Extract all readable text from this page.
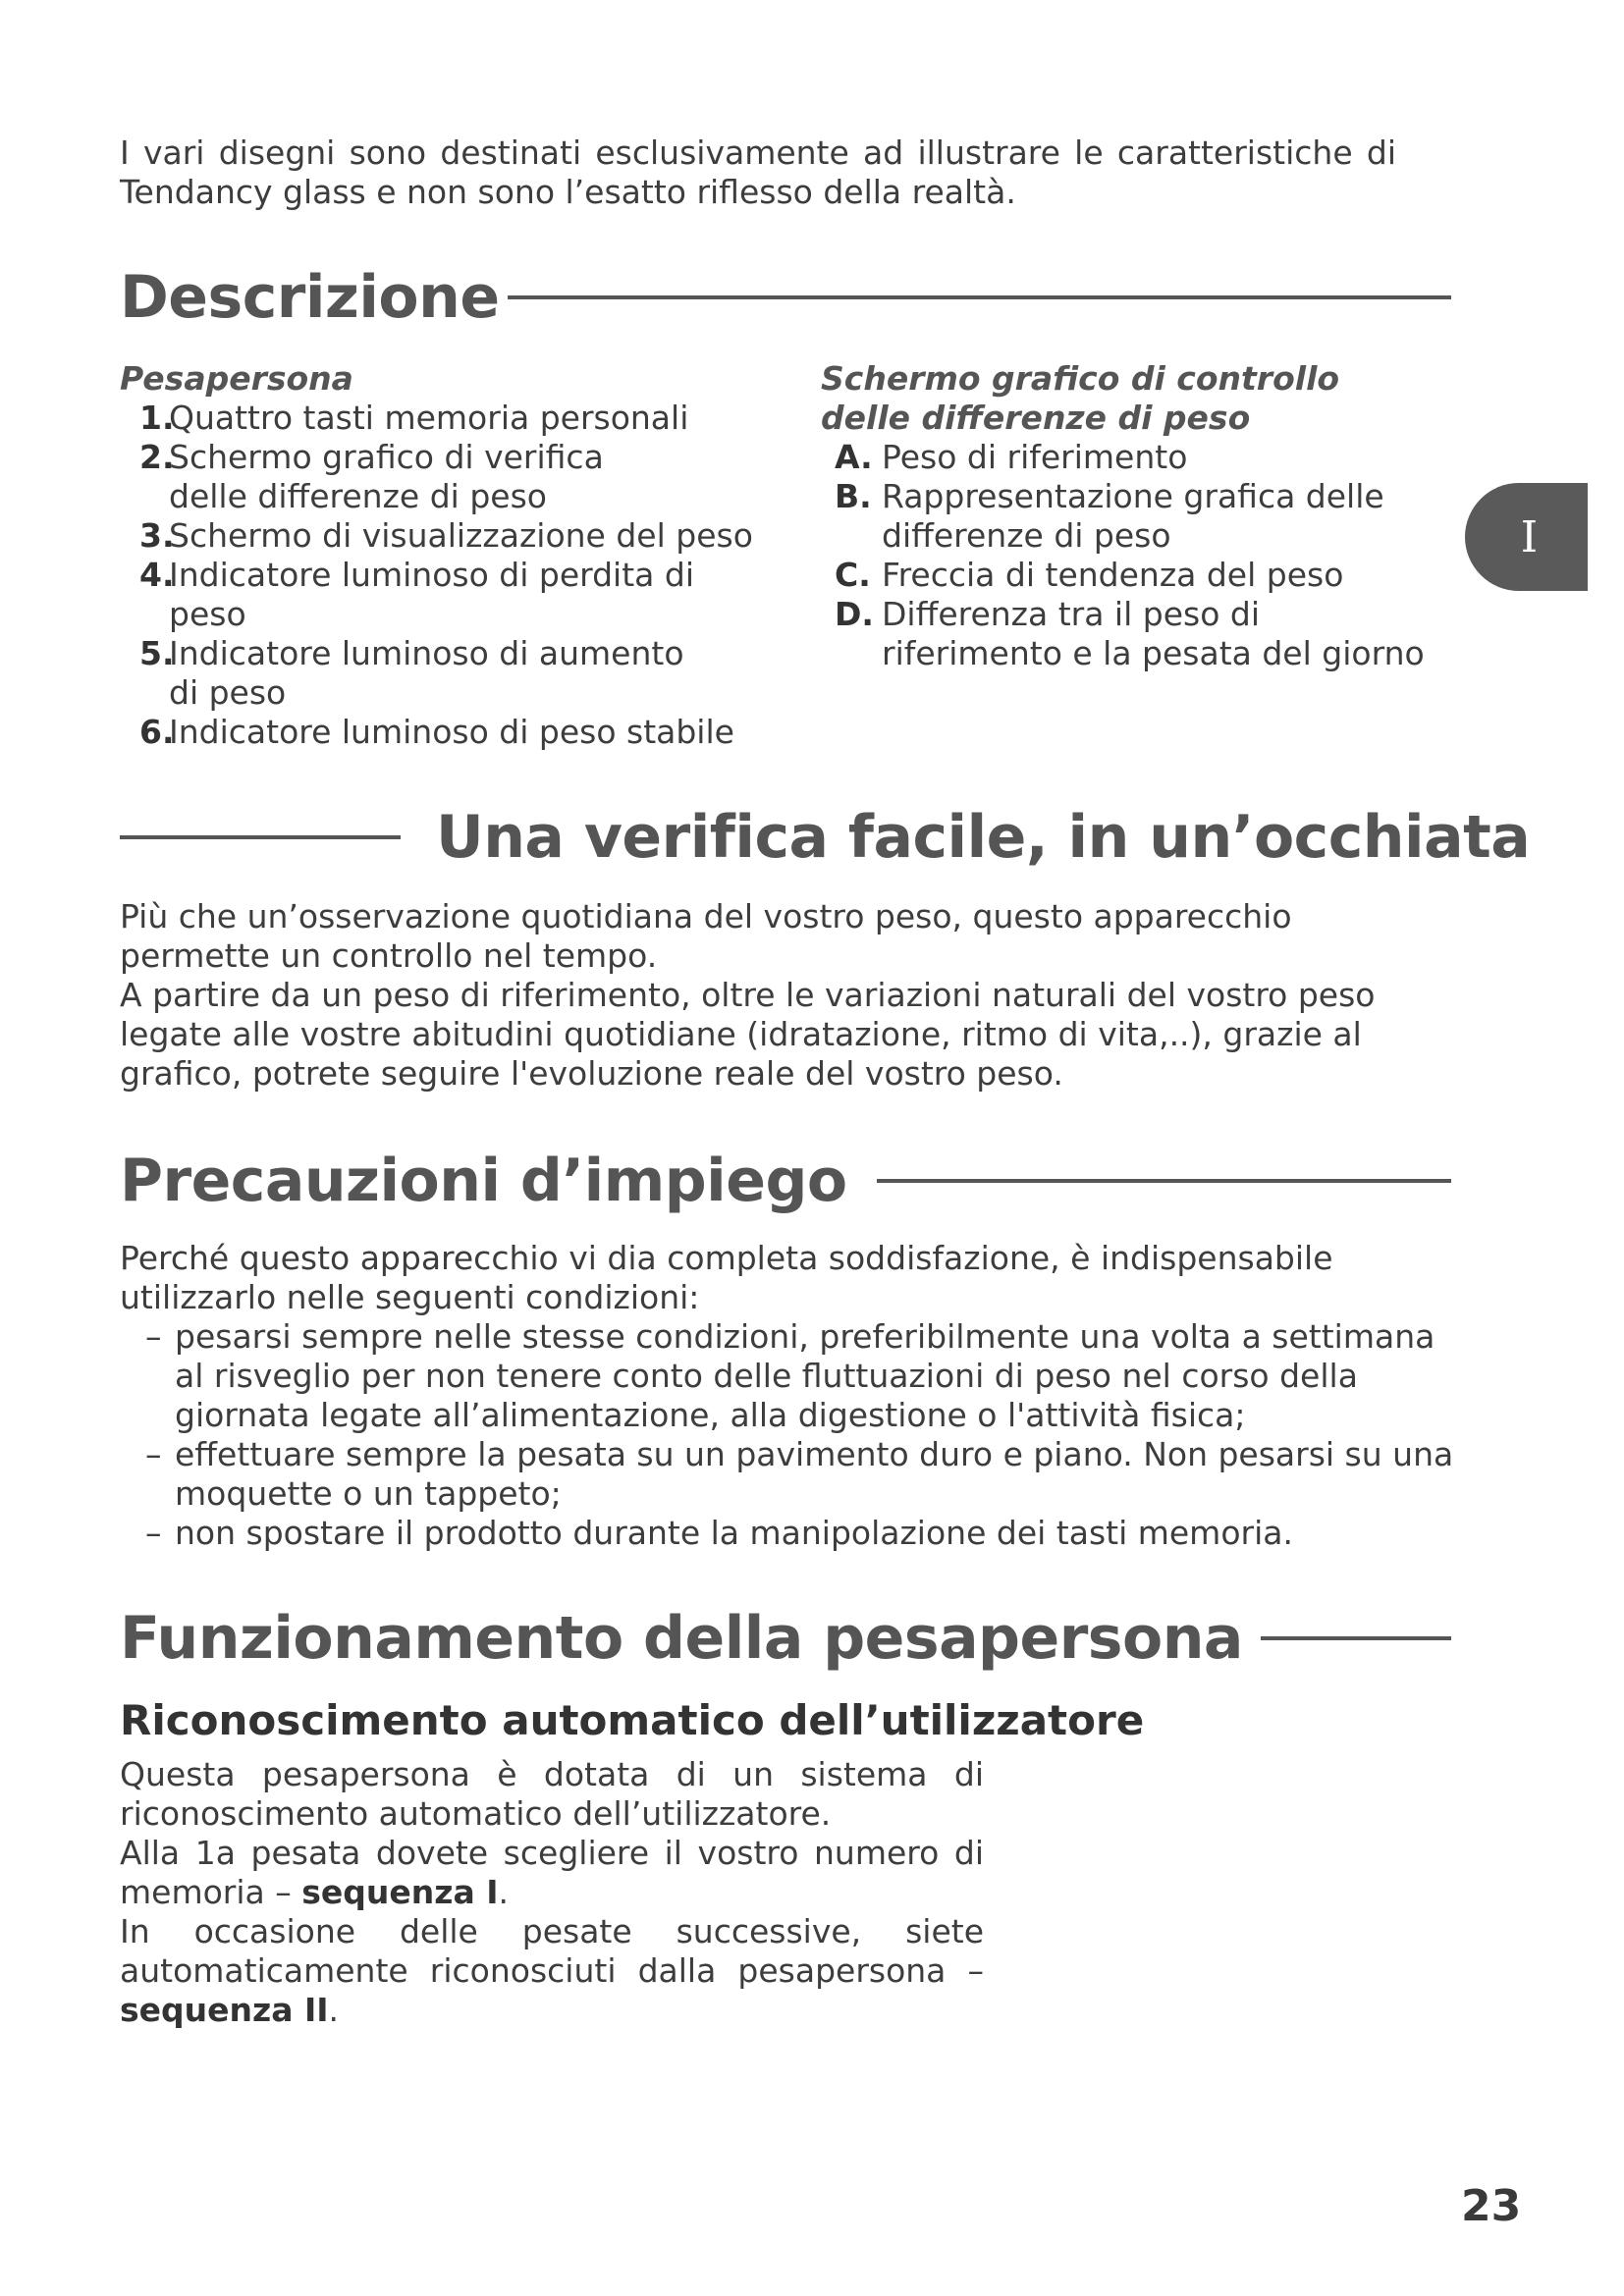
I vari disegni sono destinati esclusivamente ad illustrare le caratteristiche di

Tendancy glass e non sono l’esatto riflesso della realtà.

Descrizione
Pesapersona
1.
Quattro tasti memoria personali
2.
Schermo grafico di verifica delle differenze di peso
3.
Schermo di visualizzazione del peso
4.
Indicatore luminoso di perdita di peso
5.
Indicatore luminoso di aumento di peso
6.
Indicatore luminoso di peso stabile
Schermo grafico di controllo delle differenze di peso
A. Peso di riferimento
B. Rappresentazione grafica delle differenze di peso
C. Freccia di tendenza del peso
D. Differenza tra il peso di riferimento e la pesata del giorno
Una verifica facile, in un’occhiata

Più che un’osservazione quotidiana del vostro peso, questo apparecchio permette un controllo nel tempo.

A partire da un peso di riferimento, oltre le variazioni naturali del vostro peso legate alle vostre abitudini quotidiane (idratazione, ritmo di vita,..), grazie al grafico, potrete seguire l'evoluzione reale del vostro peso.

Precauzioni d’impiego

Perché questo apparecchio vi dia completa soddisfazione, è indispensabile utilizzarlo nelle seguenti condizioni:

– pesarsi sempre nelle stesse condizioni, preferibilmente una volta a settimana al risveglio per non tenere conto delle fluttuazioni di peso nel corso della giornata legate all’alimentazione, alla digestione o l'attività fisica;
– effettuare sempre la pesata su un pavimento duro e piano. Non pesarsi su una moquette o un tappeto;
– non spostare il prodotto durante la manipolazione dei tasti memoria.
Funzionamento della pesapersona
Riconoscimento automatico dell’utilizzatore

Questa pesapersona è dotata di un sistema di riconoscimento automatico dell’utilizzatore.

Alla 1a pesata dovete scegliere il vostro numero di memoria – sequenza I.

In occasione delle pesate successive, siete automaticamente riconosciuti dalla pesapersona – sequenza II.

I
23
